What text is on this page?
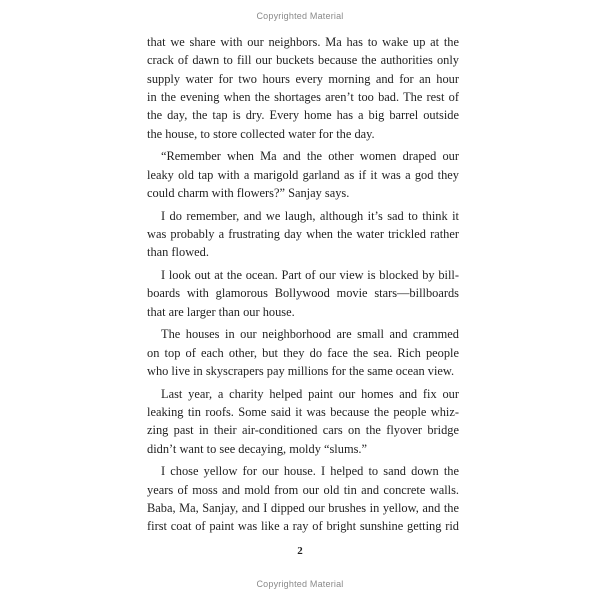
Copyrighted Material

that we share with our neighbors. Ma has to wake up at the
crack of dawn to fill our buckets because the authorities only
supply water for two hours every morning and for an hour
in the evening when the shortages aren’t too bad. The rest of
the day, the tap is dry. Every home has a big barrel outside
the house, to store collected water for the day.

“Remember when Ma and the other women draped our
leaky old tap with a marigold garland as if it was a god they
could charm with flowers?” Sanjay says.

I do remember, and we laugh, although it’s sad to think it
was probably a frustrating day when the water trickled rather
than flowed.

I look out at the ocean. Part of our view is blocked by bill-
boards with glamorous Bollywood movie stars—billboards
that are larger than our house.

The houses in our neighborhood are small and crammed
on top of each other, but they do face the sea. Rich people
who live in skyscrapers pay millions for the same ocean view.

Last year, a charity helped paint our homes and fix our
leaking tin roofs. Some said it was because the people whiz-
zing past in their air-conditioned cars on the flyover bridge
didn’t want to see decaying, moldy “slums.”

I chose yellow for our house. I helped to sand down the
years of moss and mold from our old tin and concrete walls.
Baba, Ma, Sanjay, and I dipped our brushes in yellow, and the
first coat of paint was like a ray of bright sunshine getting rid

2
Copyrighted Material
